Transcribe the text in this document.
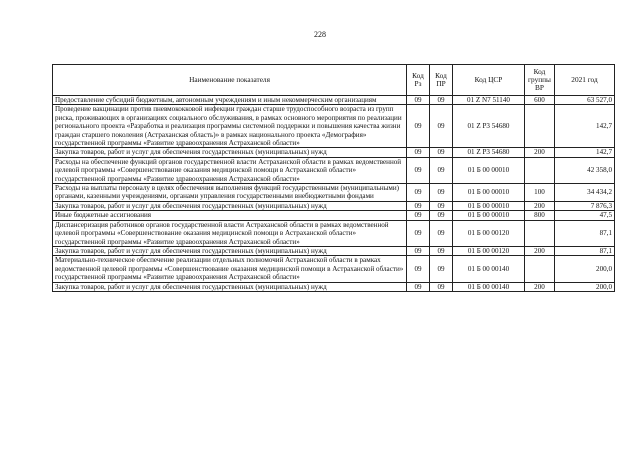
228
Наименование показателя	Код Рз	Код ПР	Код ЦСР	Код группы ВР	2021 год
Предоставление субсидий бюджетным, автономным учреждениям и иным некоммерческим организациям	09	09	01 Z N7 51140	600	63 527,0
Проведение вакцинации против пневмококковой инфекции граждан старше трудоспособного возраста из групп риска, проживающих в организациях социального обслуживания, в рамках основного мероприятия по реализации регионального проекта «Разработка и реализация программы системной поддержки и повышения качества жизни граждан старшего поколения (Астраханская область)» в рамках национального проекта «Демография» государственной программы «Развитие здравоохранения Астраханской области»	09	09	01 Z P3 54680		142,7
Закупка товаров, работ и услуг для обеспечения государственных (муниципальных) нужд	09	09	01 Z P3 54680	200	142,7
Расходы на обеспечение функций органов государственной власти Астраханской области в рамках ведомственной целевой программы «Совершенствование оказания медицинской помощи в Астраханской области» государственной программы «Развитие здравоохранения Астраханской области»	09	09	01 Б 00 00010		42 358,0
Расходы на выплаты персоналу в целях обеспечения выполнения функций государственными (муниципальными) органами, казенными учреждениями, органами управления государственными внебюджетными фондами	09	09	01 Б 00 00010	100	34 434,2
Закупка товаров, работ и услуг для обеспечения государственных (муниципальных) нужд	09	09	01 Б 00 00010	200	7 876,3
Иные бюджетные ассигнования	09	09	01 Б 00 00010	800	47,5
Диспансеризация работников органов государственной власти Астраханской области в рамках ведомственной целевой программы «Совершенствование оказания медицинской помощи в Астраханской области» государственной программы «Развитие здравоохранения Астраханской области»	09	09	01 Б 00 00120		87,1
Закупка товаров, работ и услуг для обеспечения государственных (муниципальных) нужд	09	09	01 Б 00 00120	200	87,1
Материально-техническое обеспечение реализации отдельных полномочий Астраханской области в рамках ведомственной целевой программы «Совершенствование оказания медицинской помощи в Астраханской области» государственной программы «Развитие здравоохранения Астраханской области»	09	09	01 Б 00 00140		200,0
Закупка товаров, работ и услуг для обеспечения государственных (муниципальных) нужд	09	09	01 Б 00 00140	200	200,0
